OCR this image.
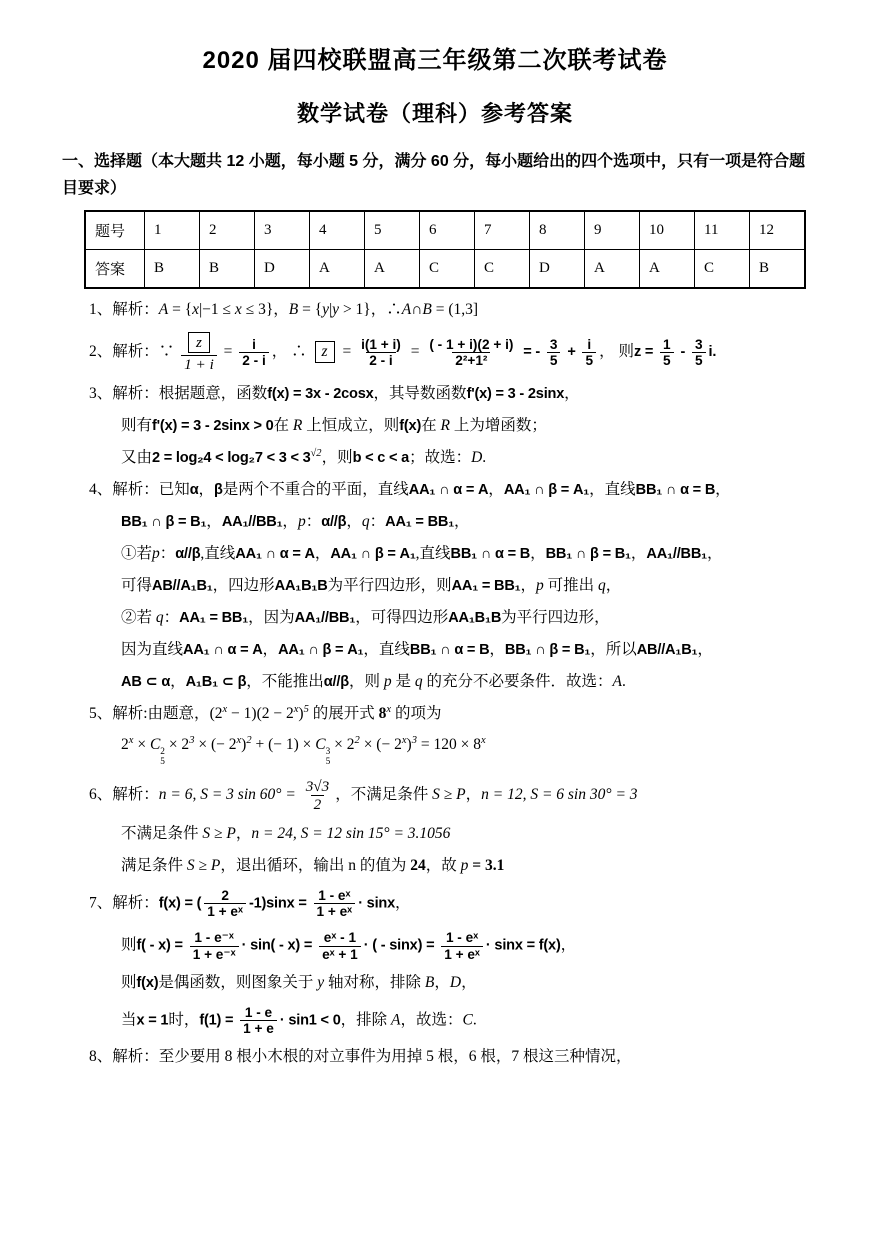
2020 届四校联盟高三年级第二次联考试卷
数学试卷（理科）参考答案

一、选择题（本大题共 12 小题，每小题 5 分，满分 60 分，每小题给出的四个选项中，只有一项是符合题目要求）

题号	1	2	3	4	5	6	7	8	9	10	11	12
答案	B	B	D	A	A	C	C	D	A	A	C	B
1、解析：A = {x|−1 ≤ x ≤ 3}，B = {y|y > 1}，∴A∩B = (1,3]
2、解析：∵ $\frac{z}{1 + i} = \frac{i}{2 - i}$ ， ∴ $z = \frac{i(1 + i)}{2 - i} = \frac{( - 1 + i)(2 + i)}{\text{2²+1²}}$ = - $\frac{3}{5} + \frac{i}{5}$ ， 则$z = \frac{1}{5} - \frac{3}{5} i$.
3、解析：根据题意，函数f(x) = 3x - 2cosx，其导数函数f'(x) = 3 - 2sinx，
则有f'(x) = 3 - 2sinx > 0在 R 上恒成立，则f(x)在 R 上为增函数；
又由$2 = \log_24 < \log_27 < 3 < 3^{√2}$，则b < c < a；故选：D.
4、解析：已知α，β是两个不重合的平面，直线AA₁ ∩ α = A，AA₁ ∩ β = A₁，直线BB₁ ∩ α = B，
BB₁ ∩ β = B₁，AA₁//BB₁，p：α//β，q：AA₁ = BB₁，
①若p：α//β,直线AA₁ ∩ α = A，AA₁ ∩ β = A₁,直线BB₁ ∩ α = B，BB₁ ∩ β = B₁，AA₁//BB₁，
可得AB//A₁B₁，四边形AA₁B₁B为平行四边形，则AA₁ = BB₁，p 可推出 q，
②若 q：AA₁ = BB₁，因为AA₁//BB₁，可得四边形AA₁B₁B为平行四边形，
因为直线AA₁ ∩ α = A，AA₁ ∩ β = A₁，直线BB₁ ∩ α = B，BB₁ ∩ β = B₁，所以AB//A₁B₁，
AB ⊂ α，A₁B₁ ⊂ β，不能推出α//β，则 p 是 q 的充分不必要条件．故选：A.
5、解析:由题意，$(2^x - 1)(2 - 2^x)^5$ 的展开式 8$^x$ 的项为
$2^x \times C$ 2
5
× $2^3$ × (− $2^x)^2$ + (− 1) × C 3
5
× $2^2$ × (− $2^x)^3 = 120 \times 8^x$
6、解析：n = 6, S = 3 $\sin 60^\circ = \frac{3√3}{2}$ ，不满足条件 S ≥ P，n = 12, S = 6 sin 30° = 3
不满足条件 S ≥ P，n = 24, S = 12 sin 15° = 3.1056
满足条件 S ≥ P，退出循环，输出 n 的值为 24，故 p = 3.1
7、解析：f(x) = ( $\frac{2}{\text{1 + eˣ}} -1)\sin x = \frac{\text{1 - eˣ}}{\text{1 + eˣ}} \cdot \sin x$，
则$f( - x) = \frac{\text{1 - e⁻ˣ}}{\text{1 + e⁻ˣ}} \cdot \sin( - x) = \frac{\text{eˣ - 1}}{\text{eˣ + 1}}$ · ( - $\sin x) = \frac{\text{1 - eˣ}}{\text{1 + eˣ}} \cdot \sin x = f(x)$，
则f(x)是偶函数，则图象关于 y 轴对称，排除 B，D，
当x = 1时，$f(1) = \frac{1 - e}{1 + e} \cdot \sin 1 < 0$，排除 A，故选：C.
8、解析：至少要用 8 根小木根的对立事件为用掉 5 根，6 根，7 根这三种情况，
